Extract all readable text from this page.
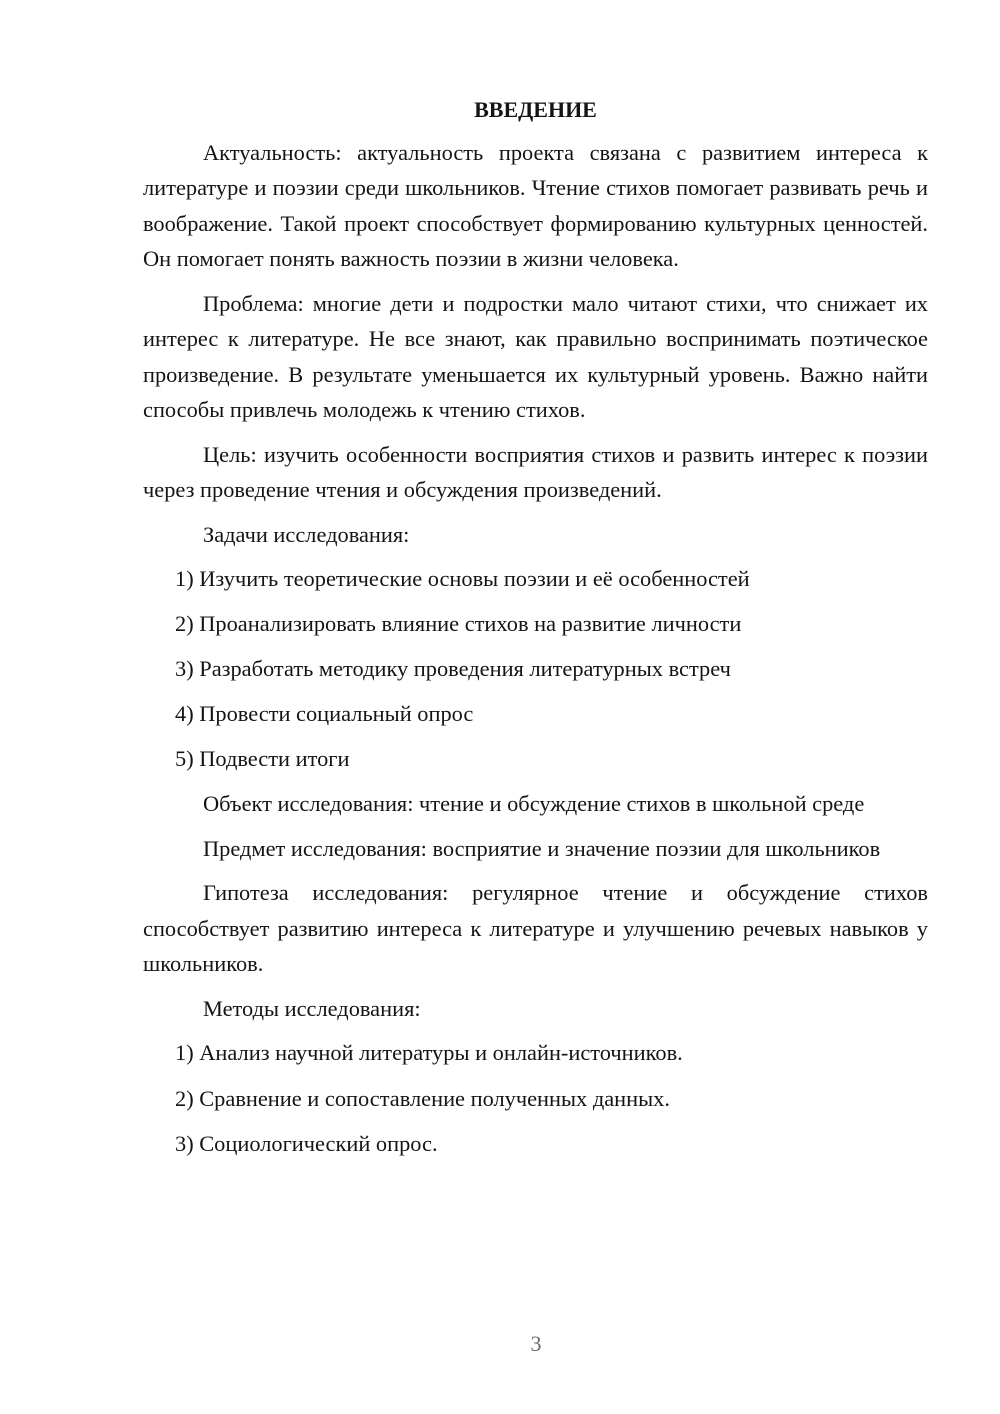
ВВЕДЕНИЕ

Актуальность: актуальность проекта связана с развитием интереса к литературе и поэзии среди школьников. Чтение стихов помогает развивать речь и воображение. Такой проект способствует формированию культурных ценностей. Он помогает понять важность поэзии в жизни человека.

Проблема: многие дети и подростки мало читают стихи, что снижает их интерес к литературе. Не все знают, как правильно воспринимать поэтическое произведение. В результате уменьшается их культурный уровень. Важно найти способы привлечь молодежь к чтению стихов.

Цель: изучить особенности восприятия стихов и развить интерес к поэзии через проведение чтения и обсуждения произведений.

Задачи исследования:

1) Изучить теоретические основы поэзии и её особенностей
2) Проанализировать влияние стихов на развитие личности
3) Разработать методику проведения литературных встреч
4) Провести социальный опрос
5) Подвести итоги

Объект исследования: чтение и обсуждение стихов в школьной среде

Предмет исследования: восприятие и значение поэзии для школьников

Гипотеза исследования: регулярное чтение и обсуждение стихов способствует развитию интереса к литературе и улучшению речевых навыков у школьников.

Методы исследования:

1) Анализ научной литературы и онлайн-источников.
2) Сравнение и сопоставление полученных данных.
3) Социологический опрос.
3
